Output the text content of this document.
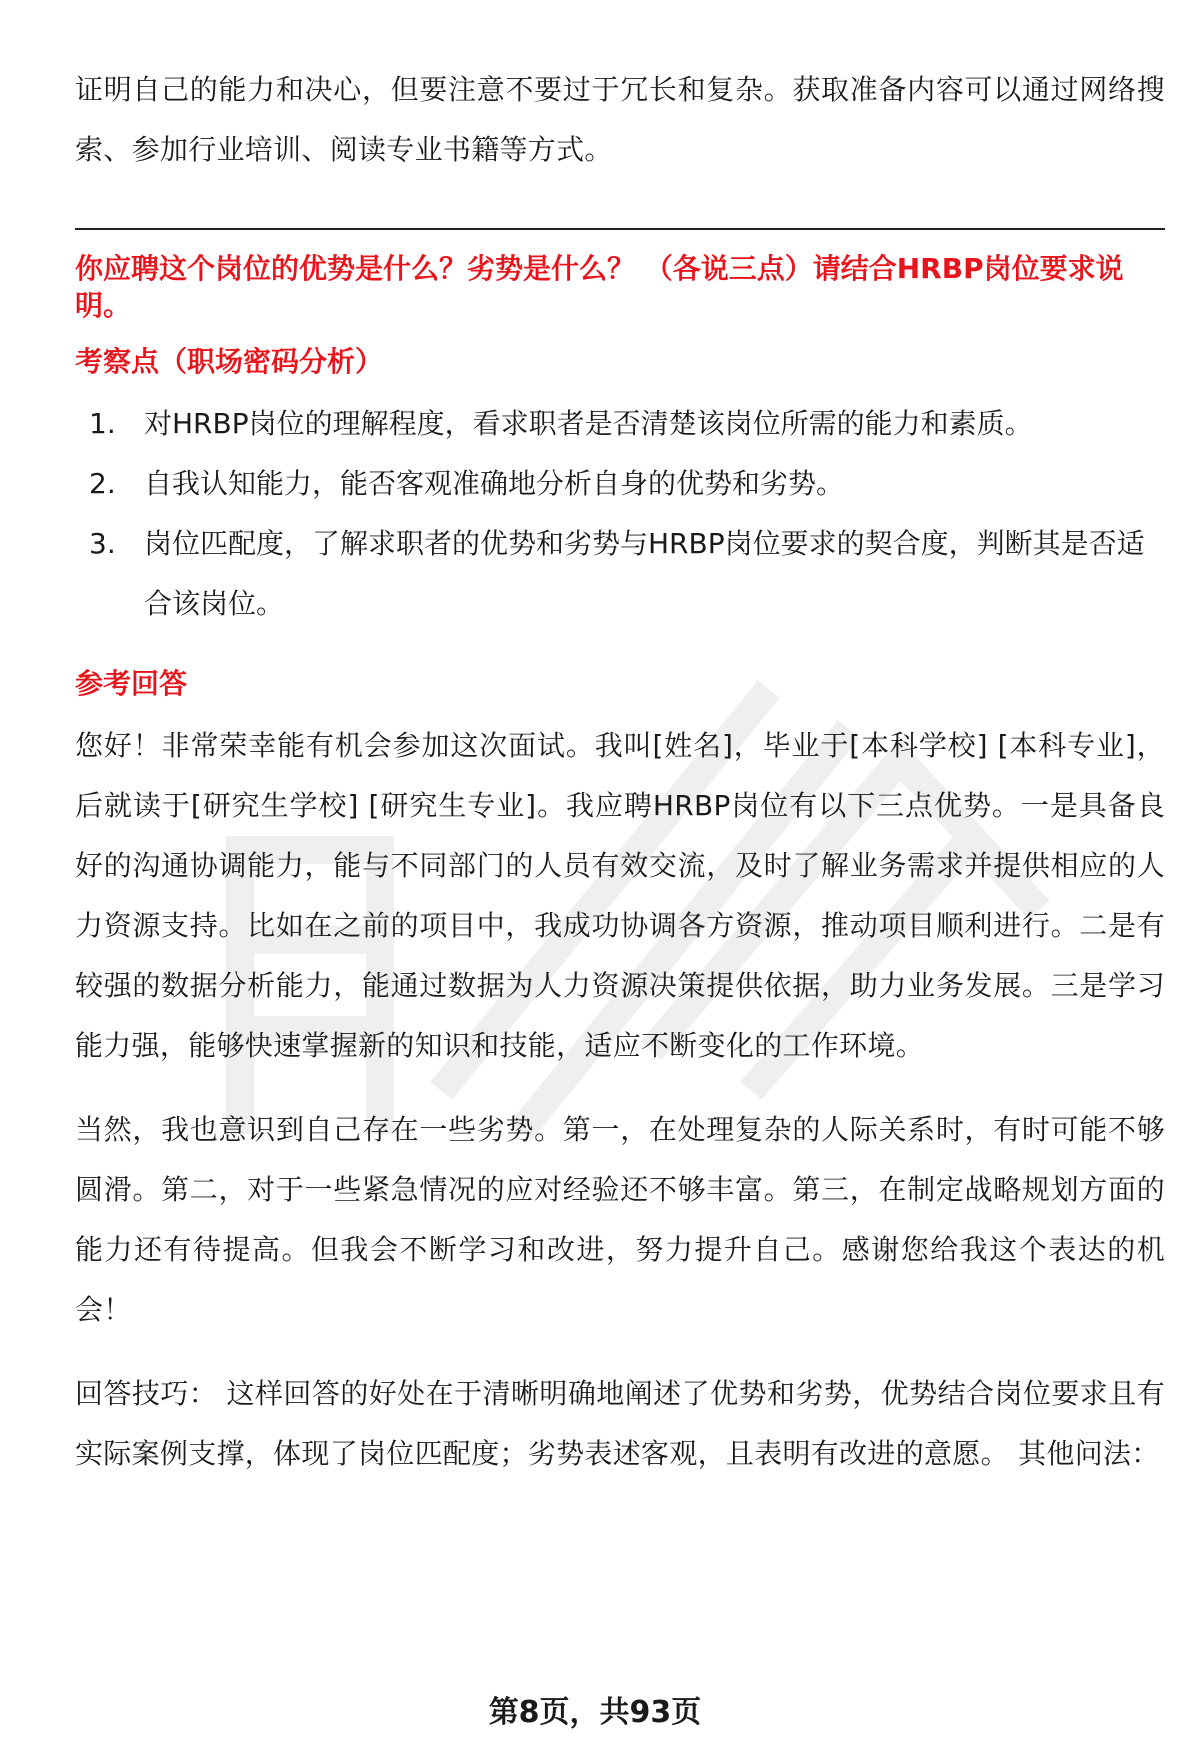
证明自己的能力和决心，但要注意不要过于冗长和复杂。获取准备内容可以通过网络搜索、参加行业培训、阅读专业书籍等方式。

你应聘这个岗位的优势是什么？劣势是什么？ （各说三点）请结合HRBP岗位要求说明。

考察点（职场密码分析）
1.	对HRBP岗位的理解程度，看求职者是否清楚该岗位所需的能力和素质。
2.	自我认知能力，能否客观准确地分析自身的优势和劣势。
3.	岗位匹配度，了解求职者的优势和劣势与HRBP岗位要求的契合度，判断其是否适合该岗位。
参考回答

您好！非常荣幸能有机会参加这次面试。我叫[姓名]，毕业于[本科学校] [本科专业]，后就读于[研究生学校] [研究生专业]。我应聘HRBP岗位有以下三点优势。一是具备良好的沟通协调能力，能与不同部门的人员有效交流，及时了解业务需求并提供相应的人力资源支持。比如在之前的项目中，我成功协调各方资源，推动项目顺利进行。二是有较强的数据分析能力，能通过数据为人力资源决策提供依据，助力业务发展。三是学习能力强，能够快速掌握新的知识和技能，适应不断变化的工作环境。

当然，我也意识到自己存在一些劣势。第一，在处理复杂的人际关系时，有时可能不够圆滑。第二，对于一些紧急情况的应对经验还不够丰富。第三，在制定战略规划方面的能力还有待提高。但我会不断学习和改进，努力提升自己。感谢您给我这个表达的机会！

回答技巧： 这样回答的好处在于清晰明确地阐述了优势和劣势，优势结合岗位要求且有实际案例支撑，体现了岗位匹配度；劣势表述客观，且表明有改进的意愿。 其他问法：

第8页，共93页
